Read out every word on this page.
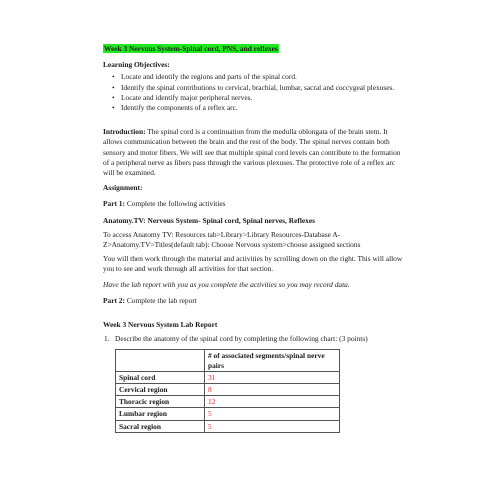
Week 3 Nervous System-Spinal cord, PNS, and reflexes

Learning Objectives:

• Locate and identify the regions and parts of the spinal cord.
• Identify the spinal contributions to cervical, brachial, lumbar, sacral and coccygeal plexuses.
• Locate and identify major peripheral nerves.
• Identify the components of a reflex arc.

Introduction: The spinal cord is a continuation from the medulla oblongata of the brain stem. It allows communication between the brain and the rest of the body. The spinal nerves contain both sensory and motor fibers. We will see that multiple spinal cord levels can contribute to the formation of a peripheral nerve as fibers pass through the various plexuses. The protective role of a reflex arc will be examined.

Assignment:

Part 1: Complete the following activities

Anatomy.TV: Nervous System- Spinal cord, Spinal nerves, Reflexes

To access Anatomy TV: Resources tab>Library>Library Resources-Database A-Z>Anatomy.TV>Titles(default tab): Choose Nervous system>choose assigned sections

You will then work through the material and activities by scrolling down on the right. This will allow you to see and work through all activities for that section.

Have the lab report with you as you complete the activities so you may record data.

Part 2: Complete the lab report

Week 3 Nervous System Lab Report

1. Describe the anatomy of the spinal cord by completing the following chart: (3 points)
	# of associated segments/spinal nerve pairs
Spinal cord	31
Cervical region	8
Thoracic region	12
Lumbar region	5
Sacral region	5
